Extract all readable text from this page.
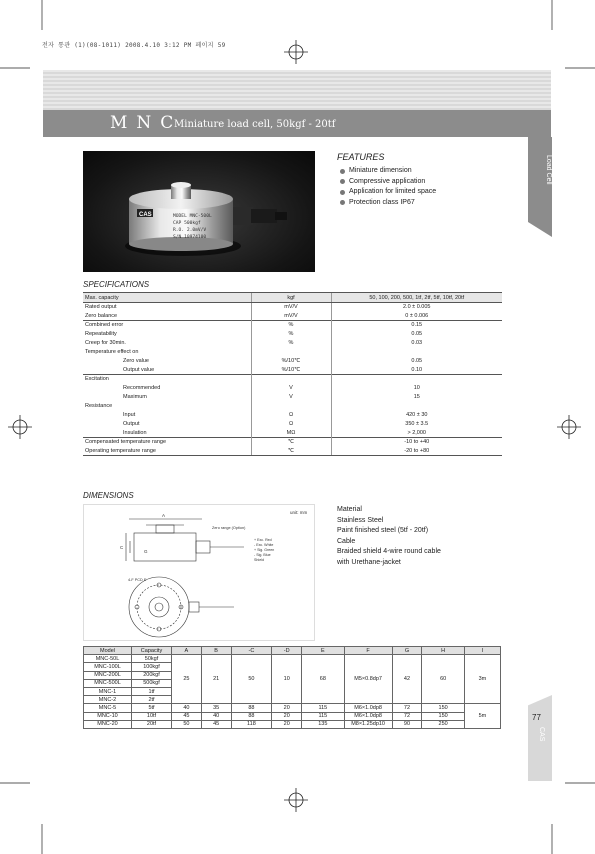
전자 통관 (1)(08-1011) 2008.4.10 3:12 PM 페이지 59
MNC
Miniature load cell, 50kgf - 20tf
Load Cell
CAS	MODEL MNC-500L
CAP 500kgf
R.O. 2.0mV/V
S/N 10974100
FEATURES
Miniature dimension
Compressive application
Application for limited space
Protection class IP67
SPECIFICATIONS
Max. capacity	kgf	50, 100, 200, 500, 1tf, 2tf, 5tf, 10tf, 20tf
Rated output	mV/V	2.0 ± 0.005
Zero balance	mV/V	0 ± 0.006
Combined error	%	0.15
Repeatability	%	0.05
Creep for 30min.	%	0.03
Temperature effect on		
Zero value	%/10℃	0.05
Output value	%/10℃	0.10
Excitation		
Recommended	V	10
Maximum	V	15
Resistance		
Input	Ω	420 ± 30
Output	Ω	350 ± 3.5
Insulation	MΩ	> 2,000
Compensated temperature range	℃	-10 to +40
Operating temperature range	℃	-20 to +80
DIMENSIONS
unit: mm
A
C
G
Zero range (Option)
4-F PCD E
+ Exc. Red
- Exc. White
+ Sig. Green
- Sig. Blue
Shield
Material
Stainless Steel
Paint finished steel (5tf - 20tf)
Cable
Braided shield 4-wire round cable
with Urethane-jacket
Model	Capacity	A	B	-C	-D	E	F	G	H	I
MNC-50L	50kgf	25	21	50	10	68	M5×0.8dp7	42	60	3m
MNC-100L	100kgf									
MNC-200L	200kgf									
MNC-500L	500kgf									
MNC-1	1tf									
MNC-2	2tf									
MNC-5	5tf	40	35	88	20	115	M6×1.0dp8	72	150	5m
MNC-10	10tf	45	40	88	20	115	M6×1.0dp8	72	150	
MNC-20	20tf	50	45	118	20	135	M8×1.25dp10	90	250	
77
CAS
